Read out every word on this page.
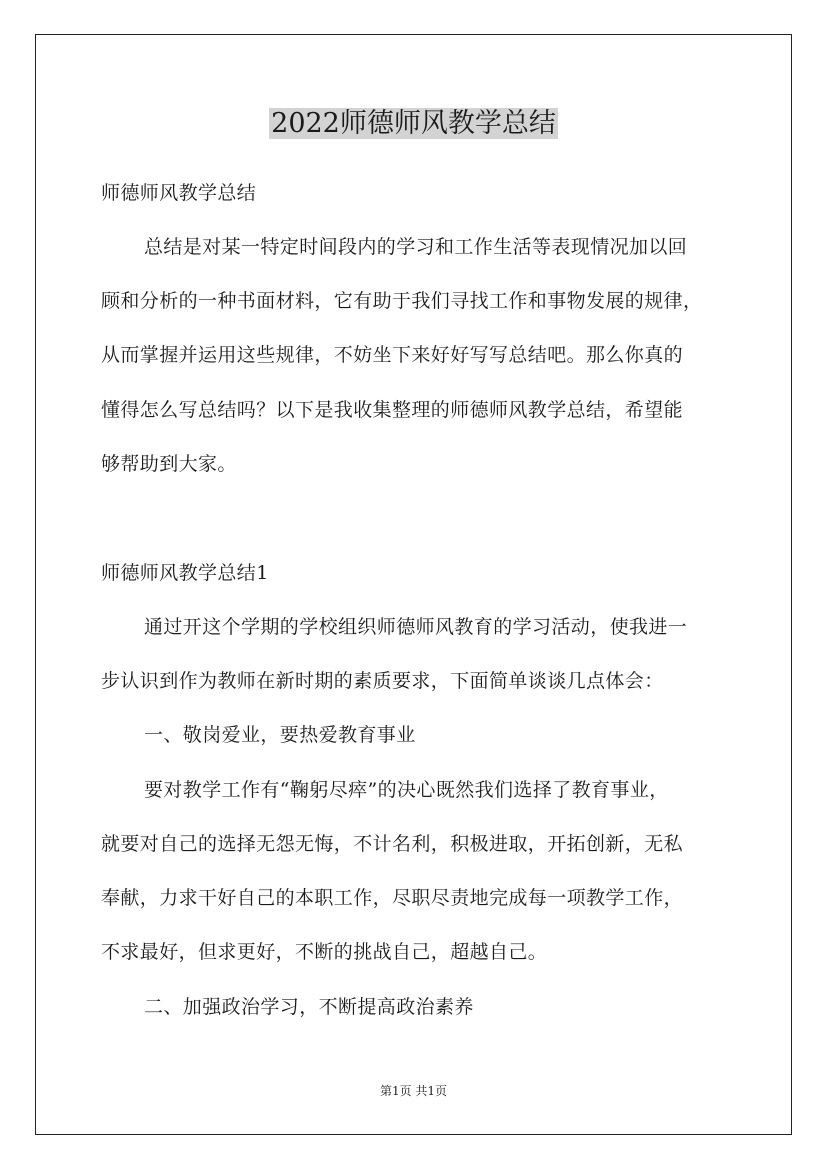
2022师德师风教学总结
师德师风教学总结
总结是对某一特定时间段内的学习和工作生活等表现情况加以回
顾和分析的一种书面材料，它有助于我们寻找工作和事物发展的规律，
从而掌握并运用这些规律，不妨坐下来好好写写总结吧。那么你真的
懂得怎么写总结吗？以下是我收集整理的师德师风教学总结，希望能
够帮助到大家。
师德师风教学总结1
通过开这个学期的学校组织师德师风教育的学习活动，使我进一
步认识到作为教师在新时期的素质要求，下面简单谈谈几点体会：
一、敬岗爱业，要热爱教育事业
要对教学工作有“鞠躬尽瘁”的决心既然我们选择了教育事业，
就要对自己的选择无怨无悔，不计名利，积极进取，开拓创新，无私
奉献，力求干好自己的本职工作，尽职尽责地完成每一项教学工作，
不求最好，但求更好，不断的挑战自己，超越自己。
二、加强政治学习，不断提高政治素养
第1页 共1页
